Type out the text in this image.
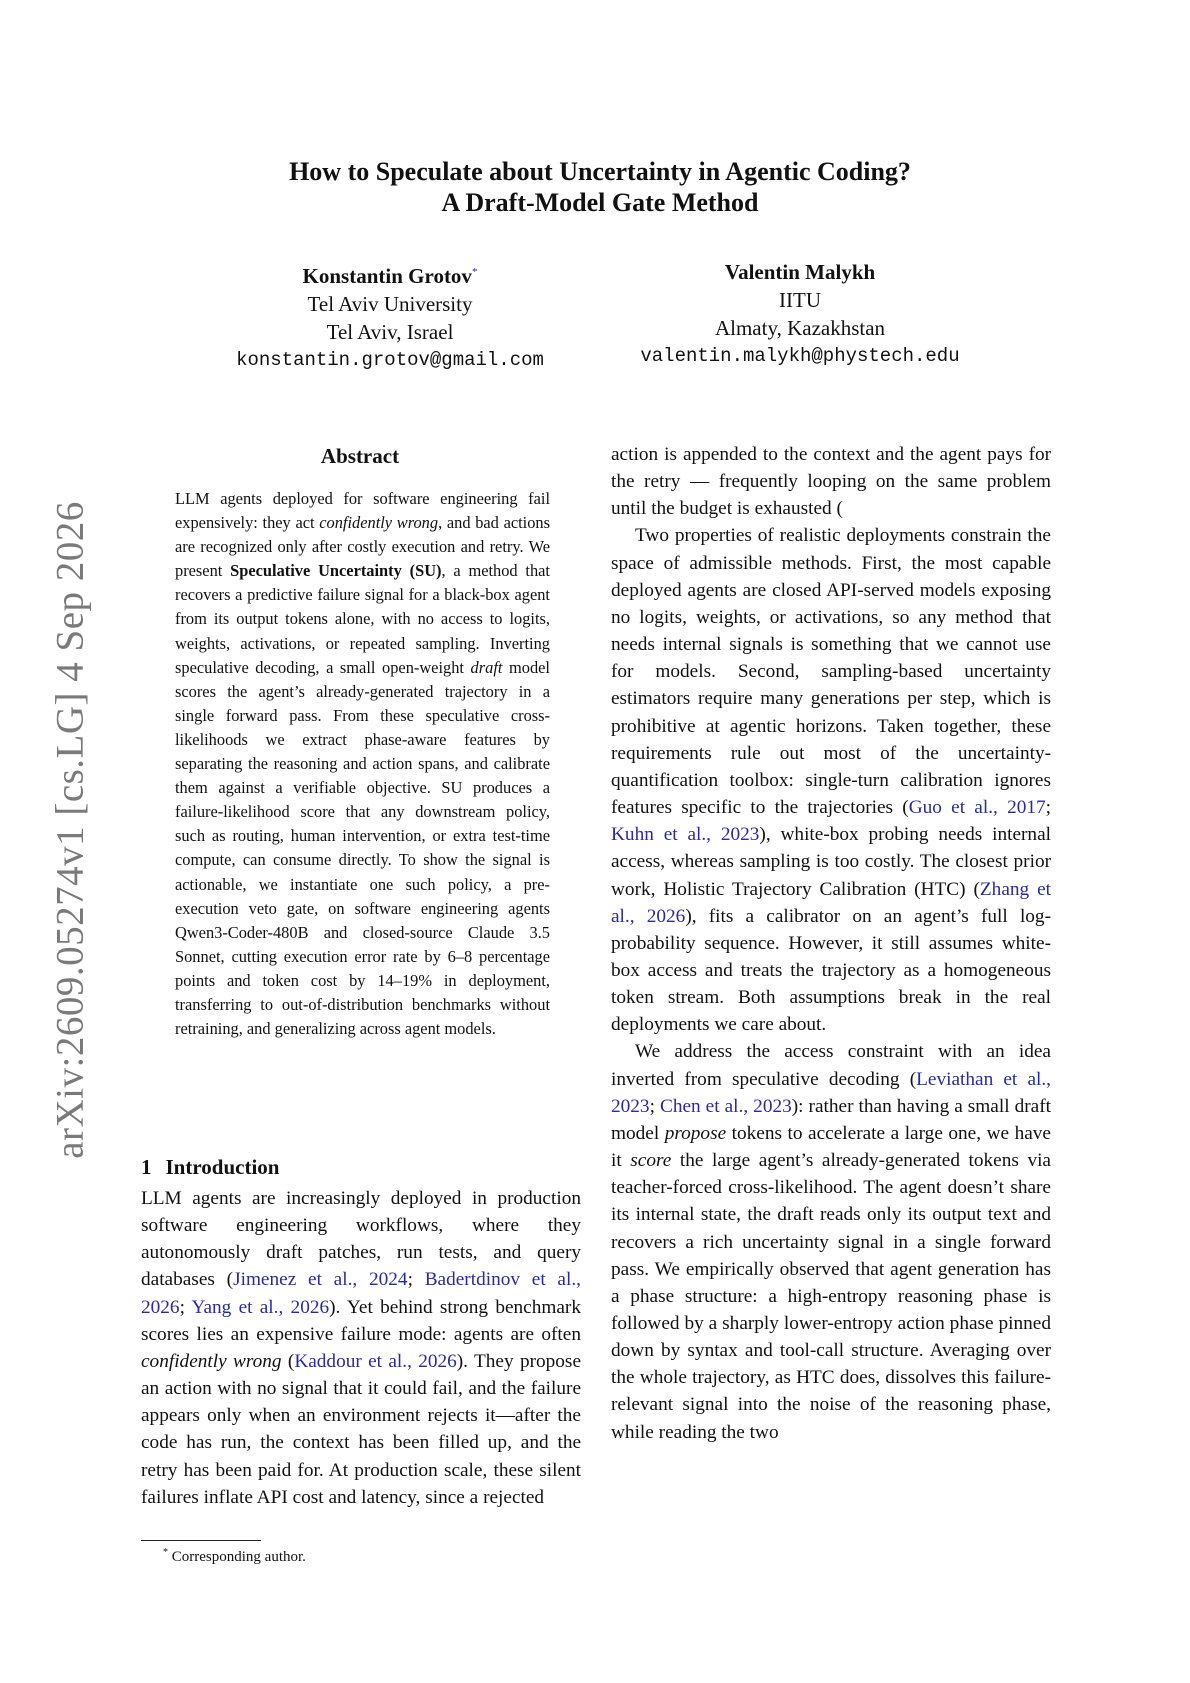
arXiv:2609.05274v1 [cs.LG] 4 Sep 2026
How to Speculate about Uncertainty in Agentic Coding?
A Draft-Model Gate Method
Konstantin Grotov*
Tel Aviv University
Tel Aviv, Israel
konstantin.grotov@gmail.com
Valentin Malykh
IITU
Almaty, Kazakhstan
valentin.malykh@phystech.edu
Abstract
LLM agents deployed for software engineering fail expensively: they act confidently wrong, and bad actions are recognized only after costly execution and retry. We present Speculative Uncertainty (SU), a method that recovers a predictive failure signal for a black-box agent from its output tokens alone, with no access to logits, weights, activations, or repeated sampling. Inverting speculative decoding, a small open-weight draft model scores the agent’s already-generated trajectory in a single forward pass. From these speculative cross-likelihoods we extract phase-aware features by separating the reasoning and action spans, and calibrate them against a verifiable objective. SU produces a failure-likelihood score that any downstream policy, such as routing, human intervention, or extra test-time compute, can consume directly. To show the signal is actionable, we instantiate one such policy, a pre-execution veto gate, on software engineering agents Qwen3-Coder-480B and closed-source Claude 3.5 Sonnet, cutting execution error rate by 6–8 percentage points and token cost by 14–19% in deployment, transferring to out-of-distribution benchmarks without retraining, and generalizing across agent models.
1 Introduction

LLM agents are increasingly deployed in production software engineering workflows, where they autonomously draft patches, run tests, and query databases (Jimenez et al., 2024; Badertdinov et al., 2026; Yang et al., 2026). Yet behind strong benchmark scores lies an expensive failure mode: agents are often confidently wrong (Kaddour et al., 2026). They propose an action with no signal that it could fail, and the failure appears only when an environment rejects it—after the code has run, the context has been filled up, and the retry has been paid for. At production scale, these silent failures inflate API cost and latency, since a rejected

action is appended to the context and the agent pays for the retry — frequently looping on the same problem until the budget is exhausted (

Two properties of realistic deployments constrain the space of admissible methods. First, the most capable deployed agents are closed API-served models exposing no logits, weights, or activations, so any method that needs internal signals is something that we cannot use for models. Second, sampling-based uncertainty estimators require many generations per step, which is prohibitive at agentic horizons. Taken together, these requirements rule out most of the uncertainty-quantification toolbox: single-turn calibration ignores features specific to the trajectories (Guo et al., 2017; Kuhn et al., 2023), white-box probing needs internal access, whereas sampling is too costly. The closest prior work, Holistic Trajectory Calibration (HTC) (Zhang et al., 2026), fits a calibrator on an agent’s full log-probability sequence. However, it still assumes white-box access and treats the trajectory as a homogeneous token stream. Both assumptions break in the real deployments we care about.

We address the access constraint with an idea inverted from speculative decoding (Leviathan et al., 2023; Chen et al., 2023): rather than having a small draft model propose tokens to accelerate a large one, we have it score the large agent’s already-generated tokens via teacher-forced cross-likelihood. The agent doesn’t share its internal state, the draft reads only its output text and recovers a rich uncertainty signal in a single forward pass. We empirically observed that agent generation has a phase structure: a high-entropy reasoning phase is followed by a sharply lower-entropy action phase pinned down by syntax and tool-call structure. Averaging over the whole trajectory, as HTC does, dissolves this failure-relevant signal into the noise of the reasoning phase, while reading the two

* Corresponding author.
